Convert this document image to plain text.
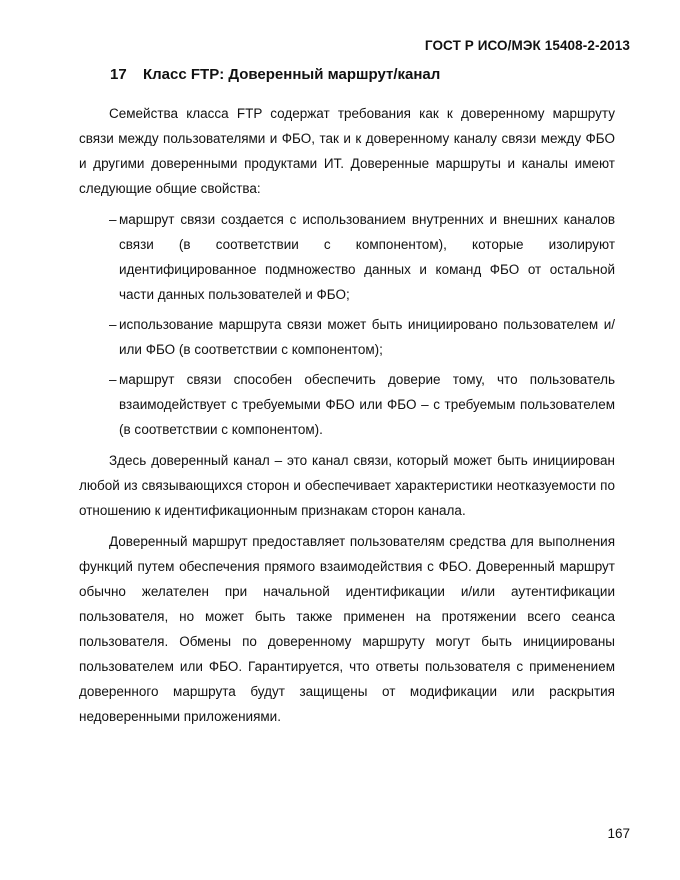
ГОСТ Р ИСО/МЭК 15408-2-2013
17 Класс FTP: Доверенный маршрут/канал

Семейства класса FTP содержат требования как к доверенному маршруту связи между пользователями и ФБО, так и к доверенному каналу связи между ФБО и другими доверенными продуктами ИТ. Доверенные маршруты и каналы имеют следующие общие свойства:

– маршрут связи создается с использованием внутренних и внешних каналов связи (в соответствии с компонентом), которые изолируют идентифицированное подмножество данных и команд ФБО от остальной части данных пользователей и ФБО;
– использование маршрута связи может быть инициировано пользователем и/или ФБО (в соответствии с компонентом);
– маршрут связи способен обеспечить доверие тому, что пользователь взаимодействует с требуемыми ФБО или ФБО – с требуемым пользователем (в соответствии с компонентом).

Здесь доверенный канал – это канал связи, который может быть инициирован любой из связывающихся сторон и обеспечивает характеристики неотказуемости по отношению к идентификационным признакам сторон канала.

Доверенный маршрут предоставляет пользователям средства для выполнения функций путем обеспечения прямого взаимодействия с ФБО. Доверенный маршрут обычно желателен при начальной идентификации и/или аутентификации пользователя, но может быть также применен на протяжении всего сеанса пользователя. Обмены по доверенному маршруту могут быть инициированы пользователем или ФБО. Гарантируется, что ответы пользователя с применением доверенного маршрута будут защищены от модификации или раскрытия недоверенными приложениями.

167
